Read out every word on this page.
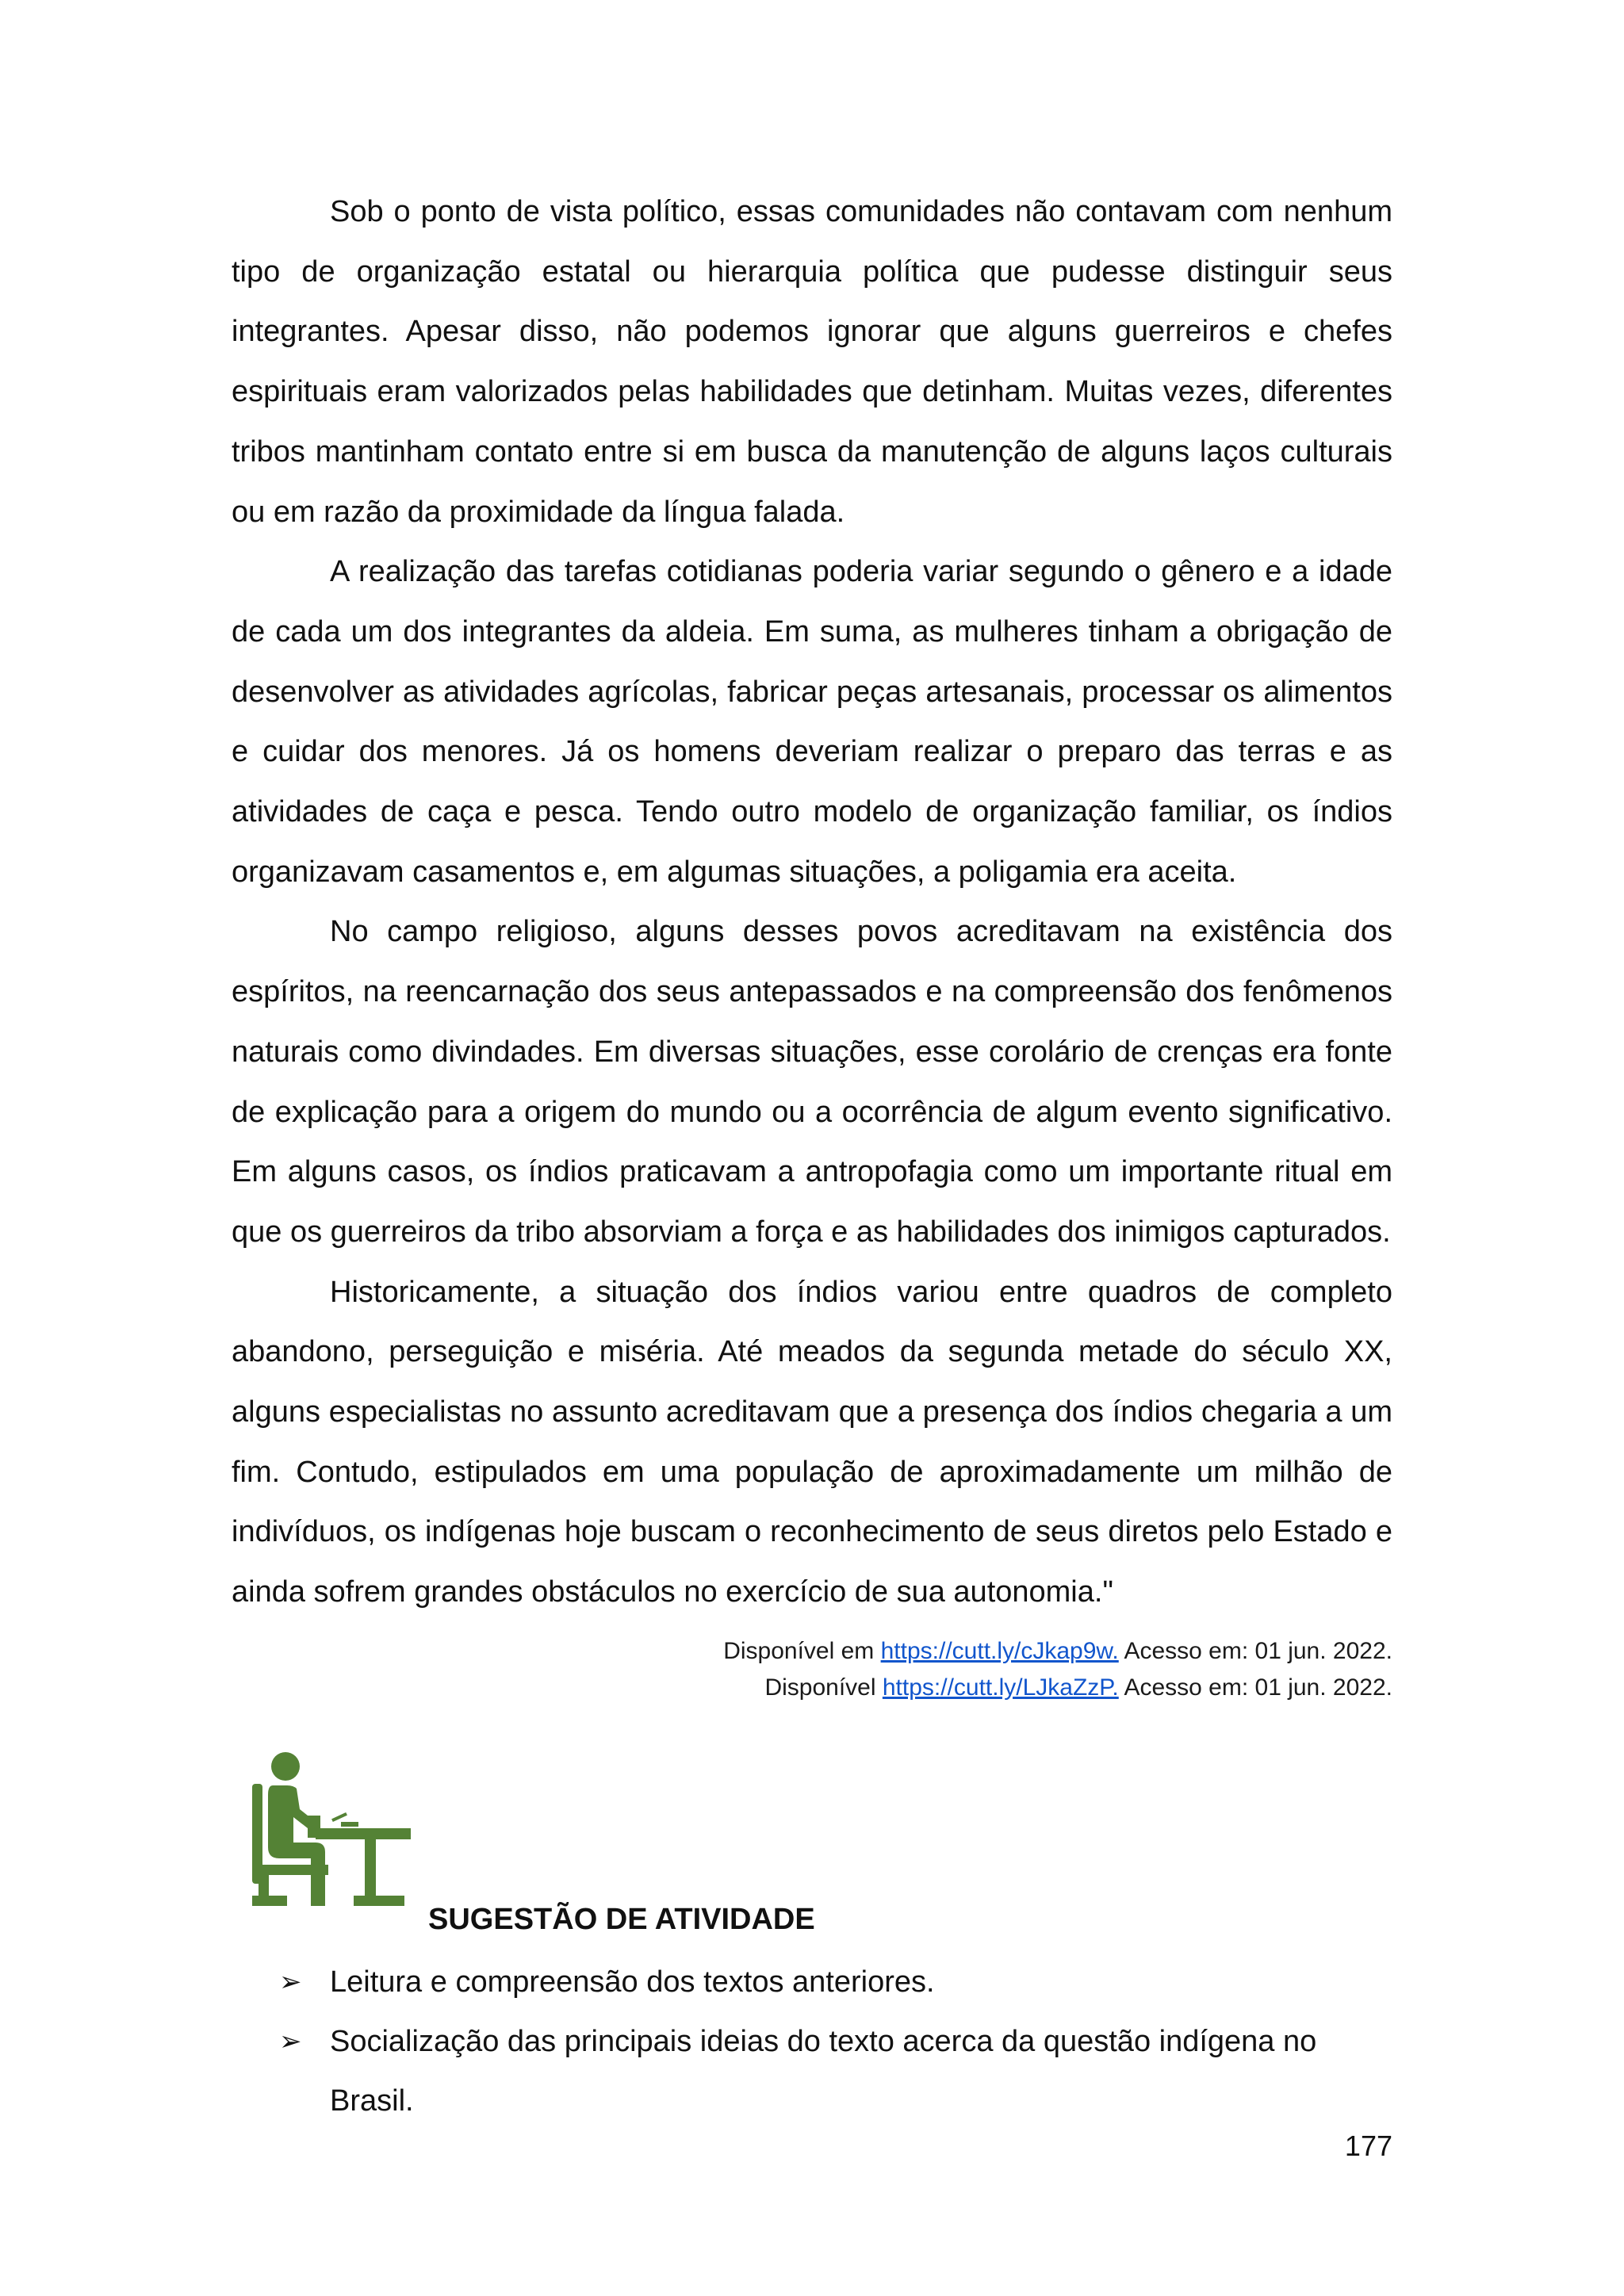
Sob o ponto de vista político, essas comunidades não contavam com nenhum tipo de organização estatal ou hierarquia política que pudesse distinguir seus integrantes. Apesar disso, não podemos ignorar que alguns guerreiros e chefes espirituais eram valorizados pelas habilidades que detinham. Muitas vezes, diferentes tribos mantinham contato entre si em busca da manutenção de alguns laços culturais ou em razão da proximidade da língua falada.

A realização das tarefas cotidianas poderia variar segundo o gênero e a idade de cada um dos integrantes da aldeia. Em suma, as mulheres tinham a obrigação de desenvolver as atividades agrícolas, fabricar peças artesanais, processar os alimentos e cuidar dos menores. Já os homens deveriam realizar o preparo das terras e as atividades de caça e pesca. Tendo outro modelo de organização familiar, os índios organizavam casamentos e, em algumas situações, a poligamia era aceita.

No campo religioso, alguns desses povos acreditavam na existência dos espíritos, na reencarnação dos seus antepassados e na compreensão dos fenômenos naturais como divindades. Em diversas situações, esse corolário de crenças era fonte de explicação para a origem do mundo ou a ocorrência de algum evento significativo. Em alguns casos, os índios praticavam a antropofagia como um importante ritual em que os guerreiros da tribo absorviam a força e as habilidades dos inimigos capturados.

Historicamente, a situação dos índios variou entre quadros de completo abandono, perseguição e miséria. Até meados da segunda metade do século XX, alguns especialistas no assunto acreditavam que a presença dos índios chegaria a um fim. Contudo, estipulados em uma população de aproximadamente um milhão de indivíduos, os indígenas hoje buscam o reconhecimento de seus diretos pelo Estado e ainda sofrem grandes obstáculos no exercício de sua autonomia."

Disponível em https://cutt.ly/cJkap9w. Acesso em: 01 jun. 2022.
Disponível https://cutt.ly/LJkaZzP. Acesso em: 01 jun. 2022.
SUGESTÃO DE ATIVIDADE
➢ Leitura e compreensão dos textos anteriores.
➢ Socialização das principais ideias do texto acerca da questão indígena no Brasil.
177
